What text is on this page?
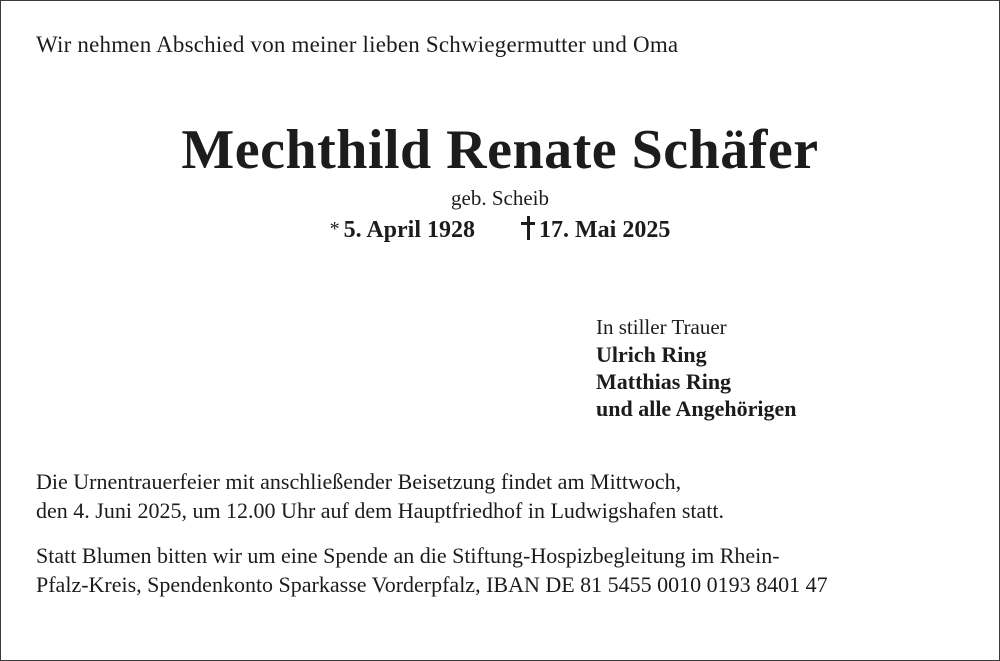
Wir nehmen Abschied von meiner lieben Schwiegermutter und Oma
Mechthild Renate Schäfer
geb. Scheib
* 5. April 1928	17. Mai 2025
In stiller Trauer
Ulrich Ring
Matthias Ring
und alle Angehörigen
Die Urnentrauerfeier mit anschließender Beisetzung findet am Mittwoch,
den 4. Juni 2025, um 12.00 Uhr auf dem Hauptfriedhof in Ludwigshafen statt.
Statt Blumen bitten wir um eine Spende an die Stiftung-Hospizbegleitung im Rhein-
Pfalz-Kreis, Spendenkonto Sparkasse Vorderpfalz, IBAN DE 81 5455 0010 0193 8401 47
